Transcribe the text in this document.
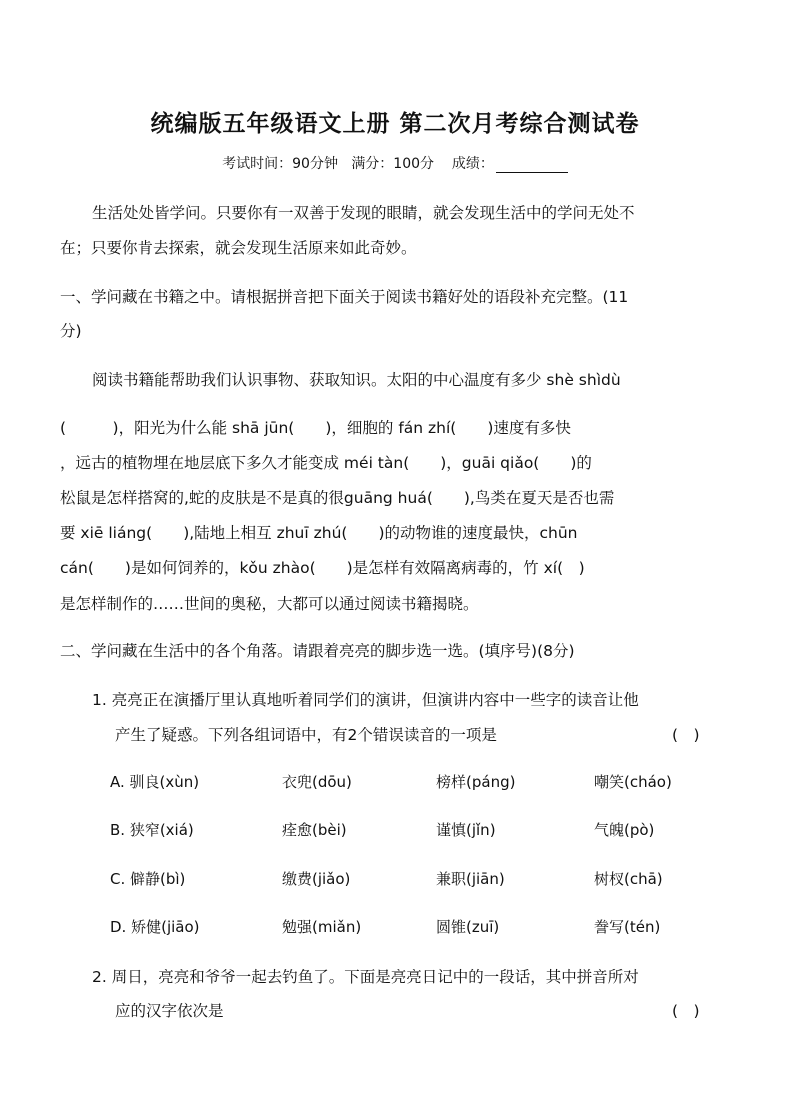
统编版五年级语文上册 第二次月考综合测试卷
考试时间：90分钟 满分：100分 成绩：
生活处处皆学问。只要你有一双善于发现的眼睛，就会发现生活中的学问无处不
在；只要你肯去探索，就会发现生活原来如此奇妙。
一、学问藏在书籍之中。请根据拼音把下面关于阅读书籍好处的语段补充完整。(11
分)
阅读书籍能帮助我们认识事物、获取知识。太阳的中心温度有多少 shè shìdù
(　　　)，阳光为什么能 shā jūn(　　)，细胞的 fán zhí(　　)速度有多快
，远古的植物埋在地层底下多久才能变成 méi tàn(　　)，guāi qiǎo(　　)的
松鼠是怎样搭窝的,蛇的皮肤是不是真的很guāng huá(　　),鸟类在夏天是否也需
要 xiē liáng(　　),陆地上相互 zhuī zhú(　　)的动物谁的速度最快，chūn
cán(　　)是如何饲养的，kǒu zhào(　　)是怎样有效隔离病毒的，竹 xí(　)
是怎样制作的……世间的奥秘，大都可以通过阅读书籍揭晓。
二、学问藏在生活中的各个角落。请跟着亮亮的脚步选一选。(填序号)(8分)
1. 亮亮正在演播厅里认真地听着同学们的演讲，但演讲内容中一些字的读音让他
产生了疑惑。下列各组词语中，有2个错误读音的一项是	(　)
A. 驯良(xùn)	衣兜(dōu)	榜样(páng)	嘲笑(cháo)
B. 狭窄(xiá)	痊愈(bèi)	谨慎(jǐn)	气魄(pò)
C. 僻静(bì)	缴费(jiǎo)	兼职(jiān)	树杈(chā)
D. 矫健(jiāo)	勉强(miǎn)	圆锥(zuī)	誊写(tén)
2. 周日，亮亮和爷爷一起去钓鱼了。下面是亮亮日记中的一段话，其中拼音所对
应的汉字依次是	(　)
